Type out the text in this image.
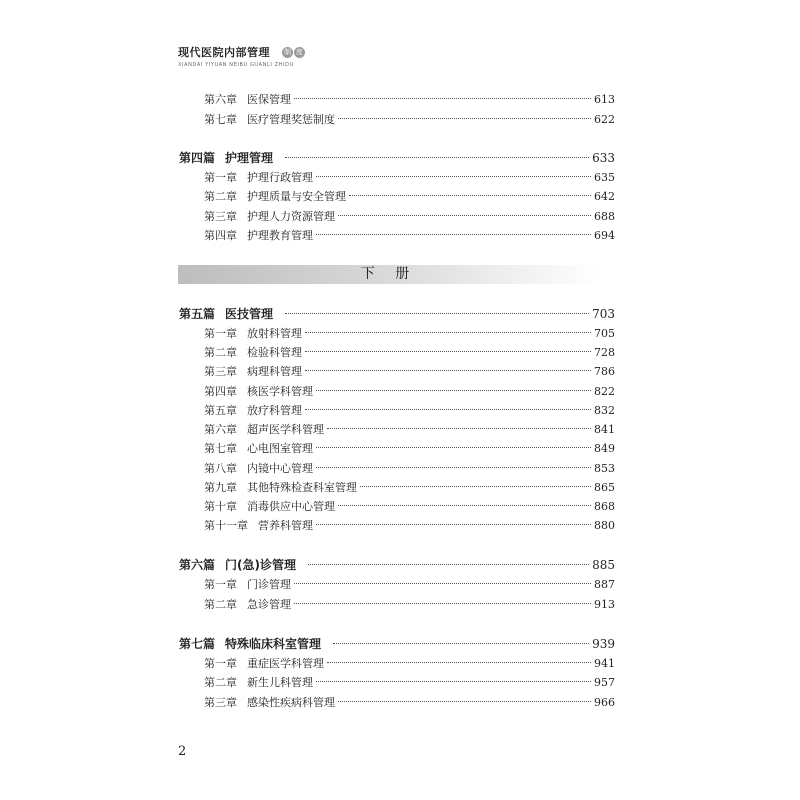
现代医院内部管理
XIANDAI YIYUAN NEIBU GUANLI ZHIDU
制 度
第六章 医保管理	613
第七章 医疗管理奖惩制度	622
第四篇 护理管理	633
第一章 护理行政管理	635
第二章 护理质量与安全管理	642
第三章 护理人力资源管理	688
第四章 护理教育管理	694
下 册
第五篇 医技管理	703
第一章 放射科管理	705
第二章 检验科管理	728
第三章 病理科管理	786
第四章 核医学科管理	822
第五章 放疗科管理	832
第六章 超声医学科管理	841
第七章 心电图室管理	849
第八章 内镜中心管理	853
第九章 其他特殊检查科室管理	865
第十章 消毒供应中心管理	868
第十一章 营养科管理	880
第六篇 门(急)诊管理	885
第一章 门诊管理	887
第二章 急诊管理	913
第七篇 特殊临床科室管理	939
第一章 重症医学科管理	941
第二章 新生儿科管理	957
第三章 感染性疾病科管理	966
2
